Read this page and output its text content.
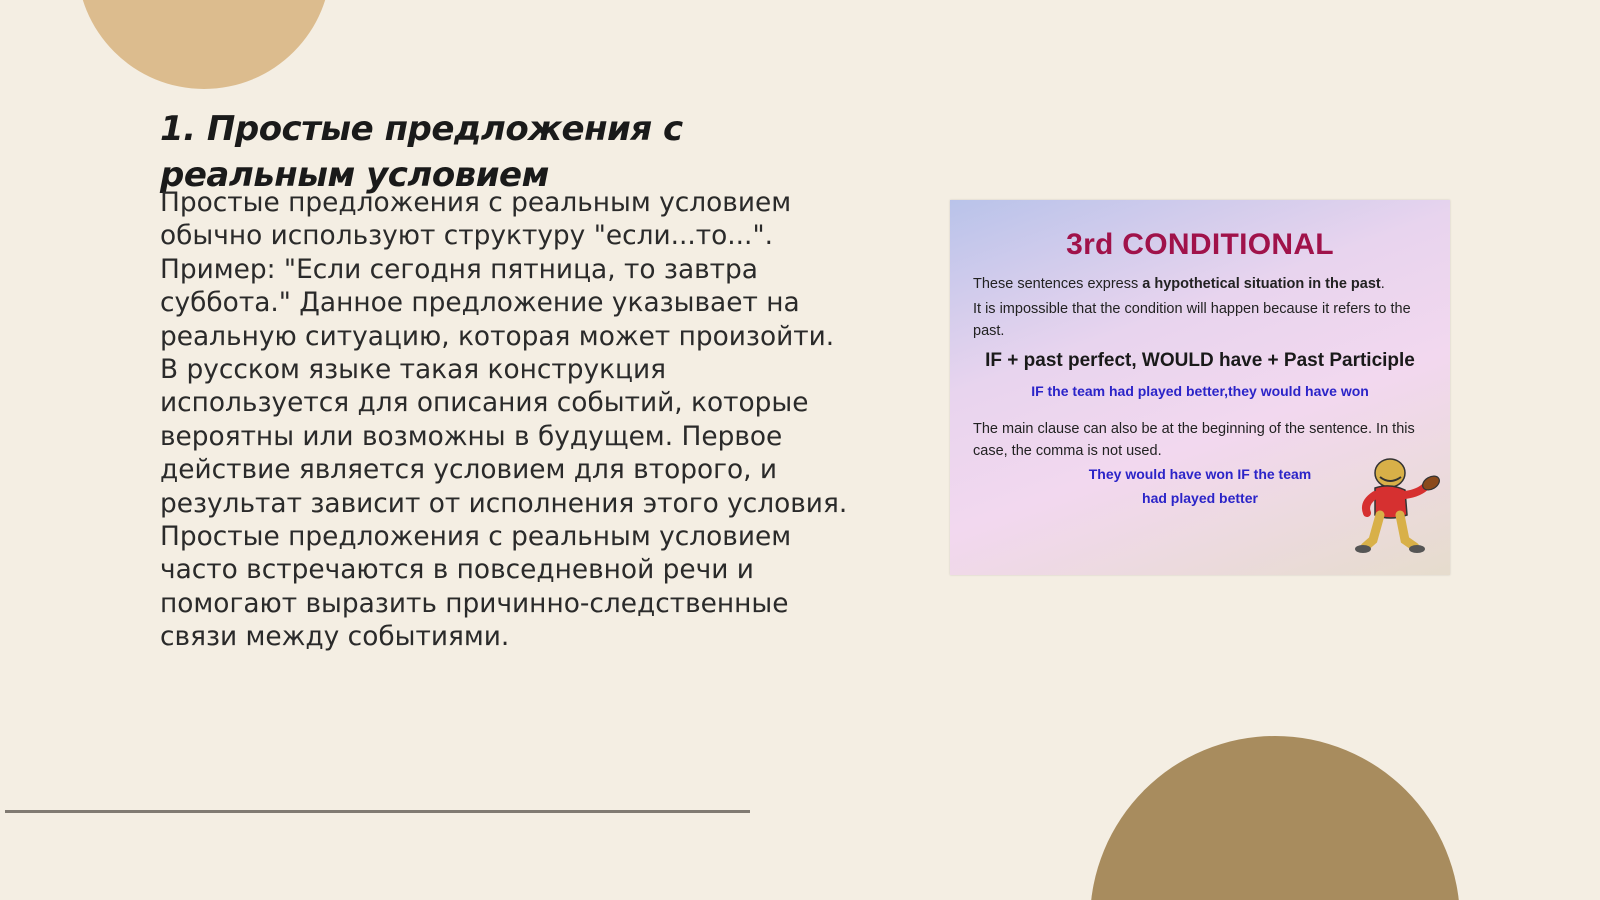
1. Простые предложения с реальным условием

Простые предложения с реальным условием обычно используют структуру "если...то...". Пример: "Если сегодня пятница, то завтра суббота." Данное предложение указывает на реальную ситуацию, которая может произойти. В русском языке такая конструкция используется для описания событий, которые вероятны или возможны в будущем. Первое действие является условием для второго, и результат зависит от исполнения этого условия. Простые предложения с реальным условием часто встречаются в повседневной речи и помогают выразить причинно-следственные связи между событиями.

3rd CONDITIONAL
These sentences express a hypothetical situation in the past.
It is impossible that the condition will happen because it refers to the past.
IF + past perfect, WOULD have + Past Participle
IF the team had played better,they would have won
The main clause can also be at the beginning of the sentence. In this case, the comma is not used.
They would have won IF the team
had played better
